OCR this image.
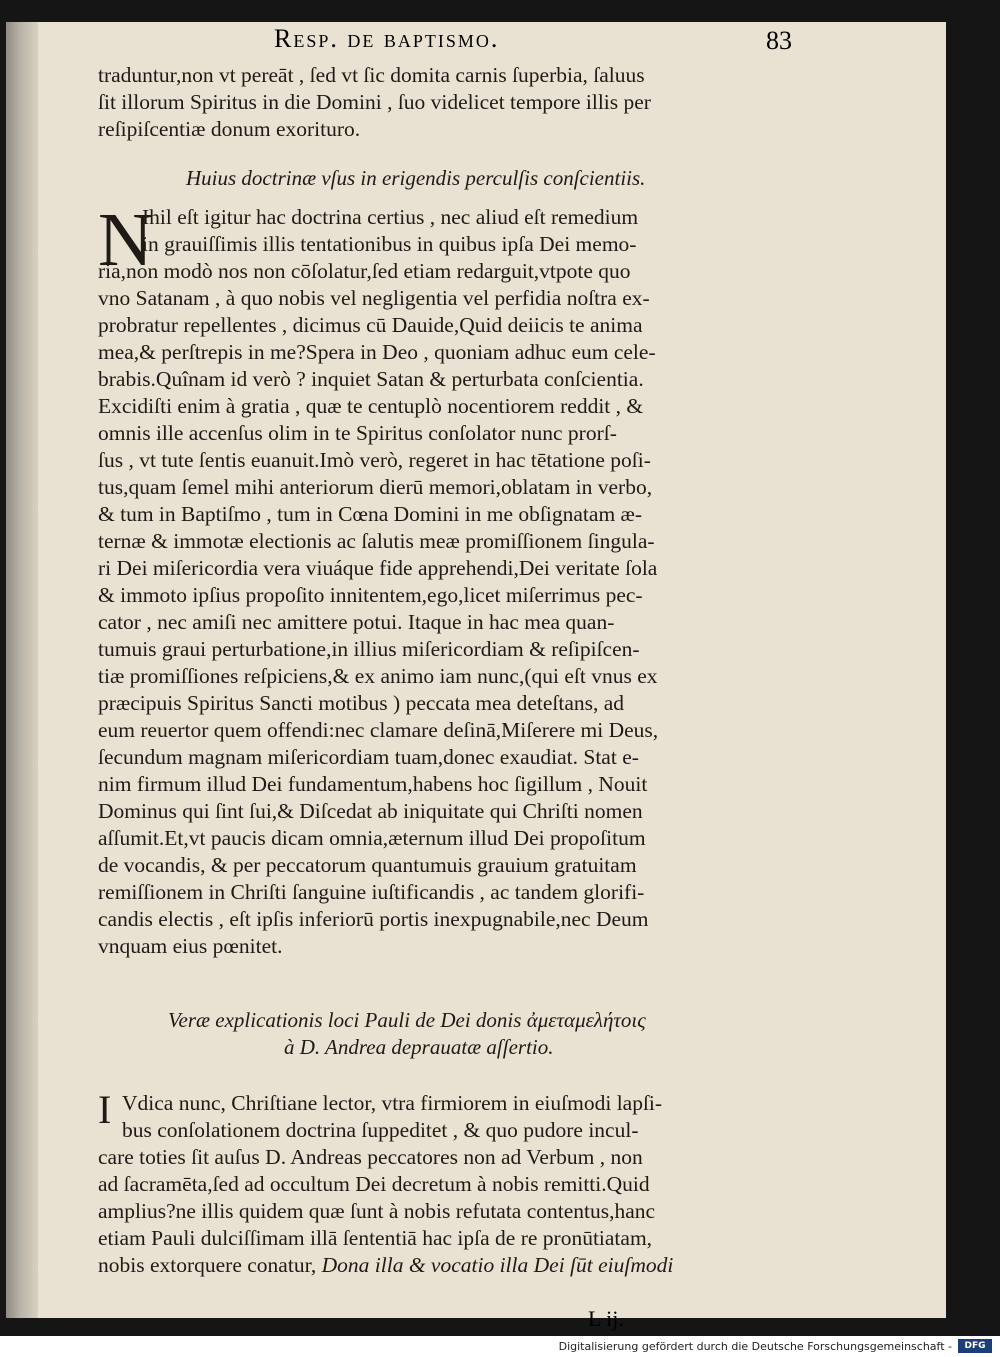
Resp. de baptismo.	83
traduntur,non vt pereāt , ſed vt ſic domita carnis ſuperbia, ſaluus
ſit illorum Spiritus in die Domini , ſuo videlicet tempore illis per
reſipiſcentiæ donum exorituro.
Huius doctrinæ vſus in erigendis perculſis conſcientiis.
N
Ihil eſt igitur hac doctrina certius , nec aliud eſt remedium
in grauiſſimis illis tentationibus in quibus ipſa Dei memo-
ria,non modò nos non cōſolatur,ſed etiam redarguit,vtpote quo
vno Satanam , à quo nobis vel negligentia vel perfidia noſtra ex-
probratur repellentes , dicimus cū Dauide,Quid deiicis te anima
mea,& perſtrepis in me?Spera in Deo , quoniam adhuc eum cele-
brabis.Quînam id verò ? inquiet Satan & perturbata conſcientia.
Excidiſti enim à gratia , quæ te centuplò nocentiorem reddit , &
omnis ille accenſus olim in te Spiritus conſolator nunc prorſ-
ſus , vt tute ſentis euanuit.Imò verò, regeret in hac tētatione poſi-
tus,quam ſemel mihi anteriorum dierū memori,oblatam in verbo,
& tum in Baptiſmo , tum in Cœna Domini in me obſignatam æ-
ternæ & immotæ electionis ac ſalutis meæ promiſſionem ſingula-
ri Dei miſericordia vera viuáque fide apprehendi,Dei veritate ſola
& immoto ipſius propoſito innitentem,ego,licet miſerrimus pec-
cator , nec amiſi nec amittere potui. Itaque in hac mea quan-
tumuis graui perturbatione,in illius miſericordiam & reſipiſcen-
tiæ promiſſiones reſpiciens,& ex animo iam nunc,(qui eſt vnus ex
præcipuis Spiritus Sancti motibus ) peccata mea deteſtans, ad
eum reuertor quem offendi:nec clamare deſinā,Miſerere mi Deus,
ſecundum magnam miſericordiam tuam,donec exaudiat. Stat e-
nim firmum illud Dei fundamentum,habens hoc ſigillum , Nouit
Dominus qui ſint ſui,& Diſcedat ab iniquitate qui Chriſti nomen
aſſumit.Et,vt paucis dicam omnia,æternum illud Dei propoſitum
de vocandis, & per peccatorum quantumuis grauium gratuitam
remiſſionem in Chriſti ſanguine iuſtificandis , ac tandem glorifi-
candis electis , eſt ipſis inferiorū portis inexpugnabile,nec Deum
vnquam eius pœnitet.
Veræ explicationis loci Pauli de Dei donis ἀμεταμελήτοις
à D. Andrea deprauatæ aſſertio.
I Vdica nunc, Chriſtiane lector, vtra firmiorem in eiuſmodi lapſi-
bus conſolationem doctrina ſuppeditet , & quo pudore incul-
care toties ſit auſus D. Andreas peccatores non ad Verbum , non
ad ſacramēta,ſed ad occultum Dei decretum à nobis remitti.Quid
amplius?ne illis quidem quæ ſunt à nobis refutata contentus,hanc
etiam Pauli dulciſſimam illā ſententiā hac ipſa de re pronūtiatam,
nobis extorquere conatur, Dona illa & vocatio illa Dei ſūt eiuſmodi
L ij.
Digitalisierung gefördert durch die Deutsche Forschungsgemeinschaft -	DFG
